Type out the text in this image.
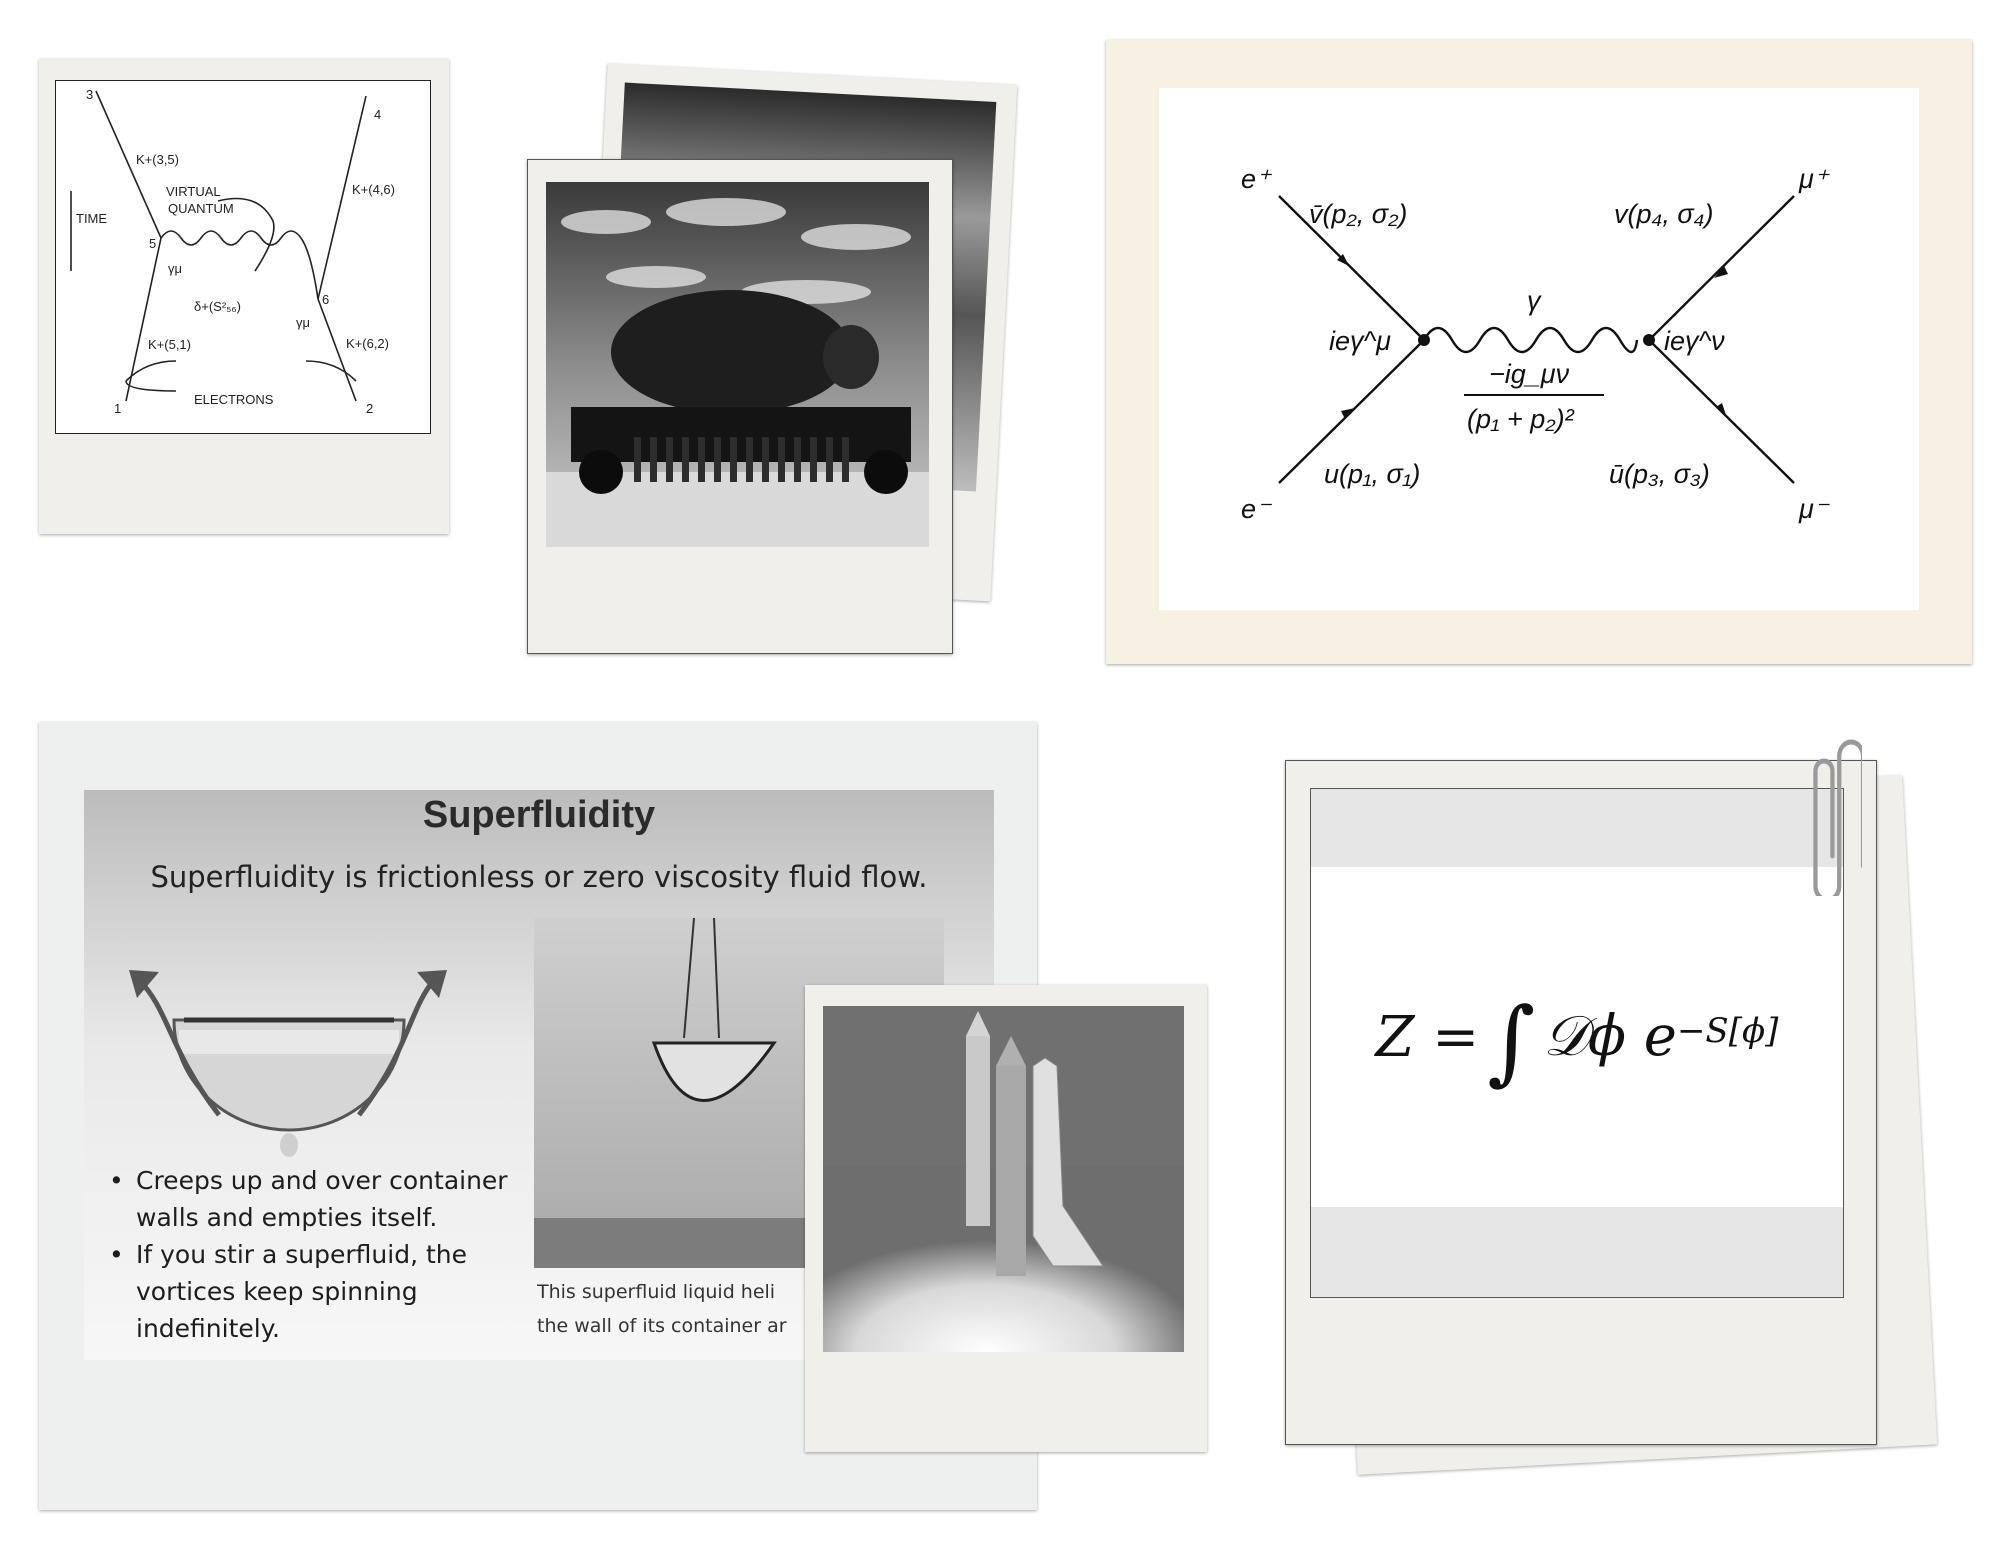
3
4
5
6
1	2
K+(3,5)
K+(4,6)
K+(5,1)	K+(6,2)
VIRTUAL
QUANTUM
TIME
δ+(S²₅₆)
γμ
γμ
ELECTRONS
e⁺
e⁻
μ⁺
μ⁻
v̄(p₂, σ₂)	v(p₄, σ₄)
u(p₁, σ₁)	ū(p₃, σ₃)
ieγ^μ	ieγ^ν
γ
−ig_μν
(p₁ + p₂)²
Superfluidity
Superfluidity is frictionless or zero viscosity fluid flow.
• Creeps up and over container walls and empties itself.
• If you stir a superfluid, the vortices keep spinning indefinitely.
This superfluid liquid heli
the wall of its container ar
Z = ∫ 𝒟ϕ $e^{-S[\phi]}$
